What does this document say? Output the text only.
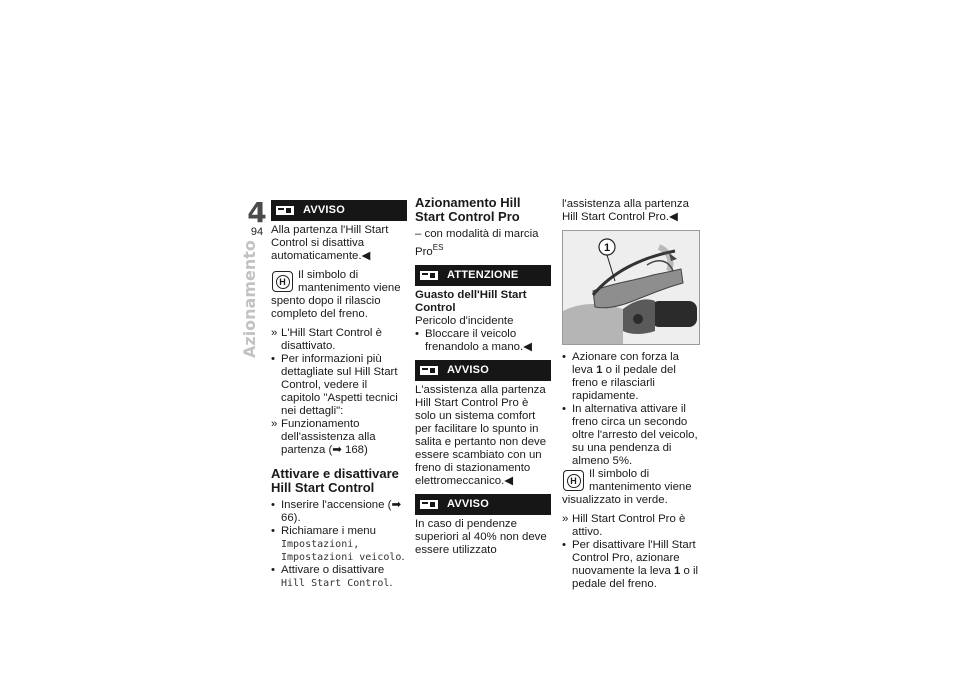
4
94
Azionamento
AVVISO

Alla partenza l'Hill Start Control si disattiva automaticamente.◀

H

Il simbolo di mantenimento viene spento dopo il rilascio completo del freno.

» L'Hill Start Control è disattivato.
• Per informazioni più dettagliate sul Hill Start Control, vedere il capitolo "Aspetti tecnici nei dettagli":
» Funzionamento dell'assistenza alla partenza (➡ 168)
Attivare e disattivare Hill Start Control
• Inserire l'accensione (➡ 66).
• Richiamare i menu Impostazioni, Impostazioni veicolo.
• Attivare o disattivare Hill Start Control.
Azionamento Hill Start Control Pro

– con modalità di marcia Pro$^{ES}$

ATTENZIONE

Guasto dell'Hill Start Control

Pericolo d'incidente

• Bloccare il veicolo frenandolo a mano.◀
AVVISO

L'assistenza alla partenza Hill Start Control Pro è solo un sistema comfort per facilitare lo spunto in salita e pertanto non deve essere scambiato con un freno di stazionamento elettromeccanico.◀

AVVISO

In caso di pendenze superiori al 40% non deve essere utilizzato

l'assistenza alla partenza Hill Start Control Pro.◀

1
• Azionare con forza la leva 1 o il pedale del freno e rilasciarli rapidamente.
• In alternativa attivare il freno circa un secondo oltre l'arresto del veicolo, su una pendenza di almeno 5%.
H

Il simbolo di mantenimento viene visualizzato in verde.

» Hill Start Control Pro è attivo.
• Per disattivare l'Hill Start Control Pro, azionare nuovamente la leva 1 o il pedale del freno.
